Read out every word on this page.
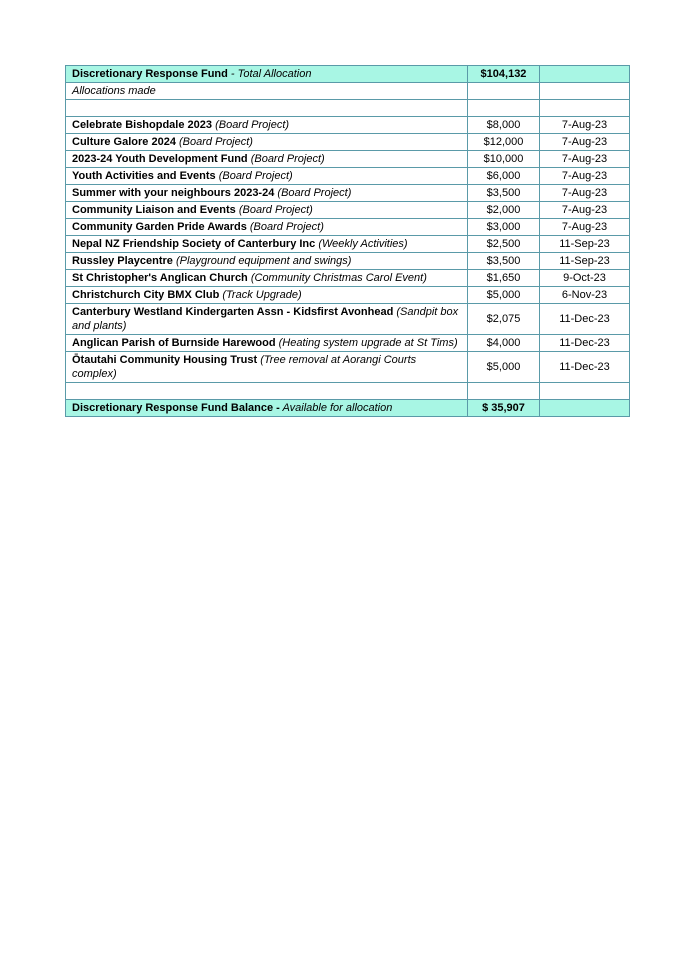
Discretionary Response Fund - Total Allocation	$104,132	
Allocations made		

Celebrate Bishopdale 2023 (Board Project)	$8,000	7-Aug-23
Culture Galore 2024 (Board Project)	$12,000	7-Aug-23
2023-24 Youth Development Fund (Board Project)	$10,000	7-Aug-23
Youth Activities and Events (Board Project)	$6,000	7-Aug-23
Summer with your neighbours 2023-24 (Board Project)	$3,500	7-Aug-23
Community Liaison and Events (Board Project)	$2,000	7-Aug-23
Community Garden Pride Awards (Board Project)	$3,000	7-Aug-23
Nepal NZ Friendship Society of Canterbury Inc (Weekly Activities)	$2,500	11-Sep-23
Russley Playcentre (Playground equipment and swings)	$3,500	11-Sep-23
St Christopher's Anglican Church (Community Christmas Carol Event)	$1,650	9-Oct-23
Christchurch City BMX Club (Track Upgrade)	$5,000	6-Nov-23
Canterbury Westland Kindergarten Assn - Kidsfirst Avonhead (Sandpit box and plants)	$2,075	11-Dec-23
Anglican Parish of Burnside Harewood (Heating system upgrade at St Tims)	$4,000	11-Dec-23
Ōtautahi Community Housing Trust (Tree removal at Aorangi Courts complex)	$5,000	11-Dec-23

Discretionary Response Fund Balance - Available for allocation	$ 35,907	
